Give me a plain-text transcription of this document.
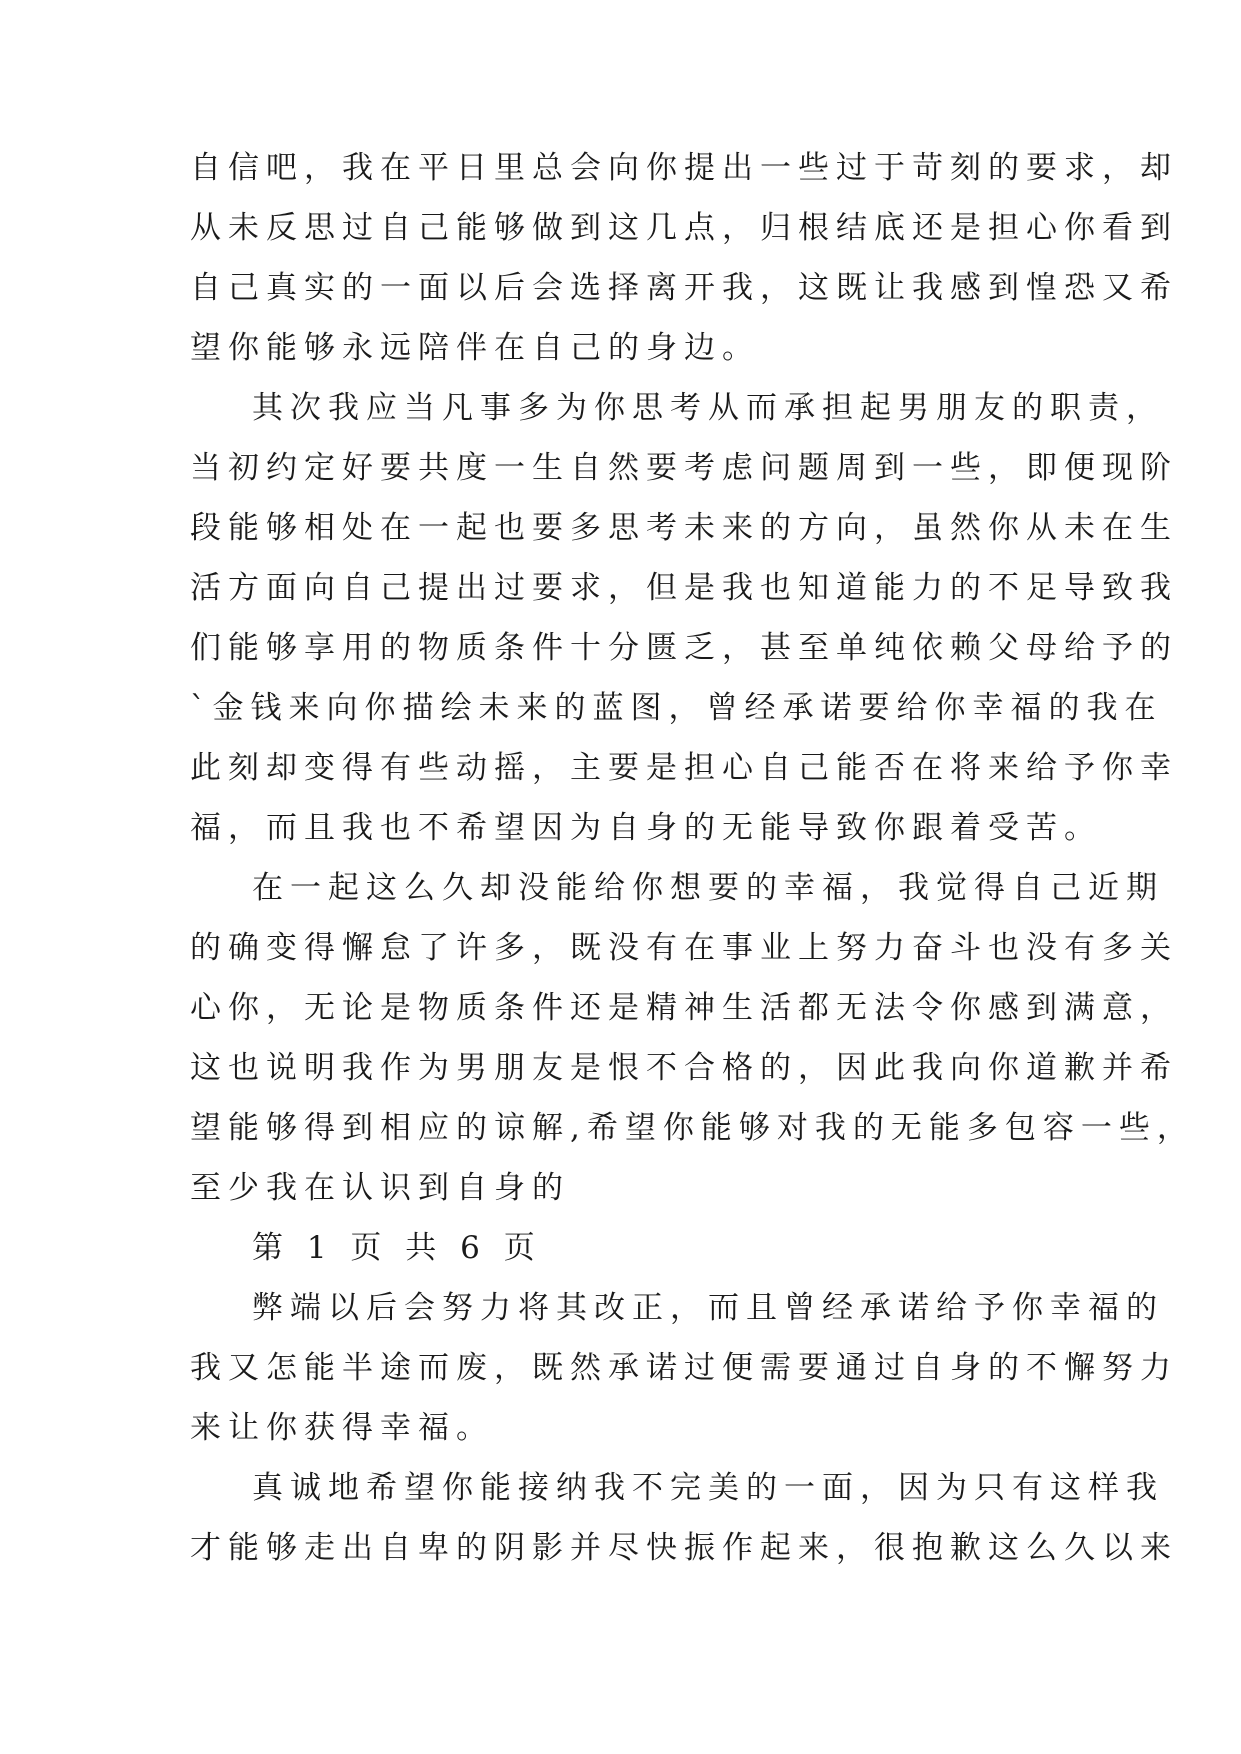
自信吧，我在平日里总会向你提出一些过于苛刻的要求，却
从未反思过自己能够做到这几点，归根结底还是担心你看到
自己真实的一面以后会选择离开我，这既让我感到惶恐又希
望你能够永远陪伴在自己的身边。
其次我应当凡事多为你思考从而承担起男朋友的职责，
当初约定好要共度一生自然要考虑问题周到一些，即便现阶
段能够相处在一起也要多思考未来的方向，虽然你从未在生
活方面向自己提出过要求，但是我也知道能力的不足导致我
们能够享用的物质条件十分匮乏，甚至单纯依赖父母给予的
`金钱来向你描绘未来的蓝图，曾经承诺要给你幸福的我在
此刻却变得有些动摇，主要是担心自己能否在将来给予你幸
福，而且我也不希望因为自身的无能导致你跟着受苦。
在一起这么久却没能给你想要的幸福，我觉得自己近期
的确变得懈怠了许多，既没有在事业上努力奋斗也没有多关
心你，无论是物质条件还是精神生活都无法令你感到满意，
这也说明我作为男朋友是恨不合格的，因此我向你道歉并希
望能够得到相应的谅解,希望你能够对我的无能多包容一些，
至少我在认识到自身的
第 1 页 共 6 页
弊端以后会努力将其改正，而且曾经承诺给予你幸福的
我又怎能半途而废，既然承诺过便需要通过自身的不懈努力
来让你获得幸福。
真诚地希望你能接纳我不完美的一面，因为只有这样我
才能够走出自卑的阴影并尽快振作起来，很抱歉这么久以来
